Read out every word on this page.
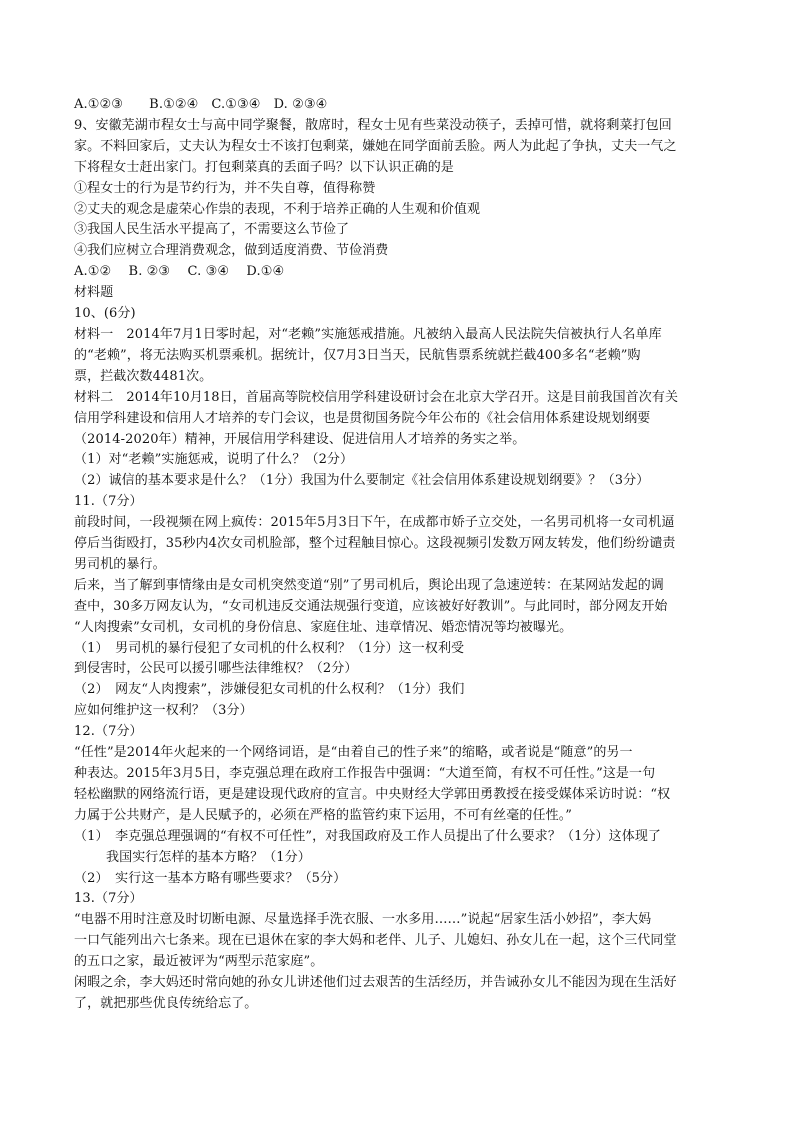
A.①②③　　B.①②④　C.①③④　D. ②③④
9、安徽芜湖市程女士与高中同学聚餐，散席时，程女士见有些菜没动筷子，丢掉可惜，就将剩菜打包回
家。不料回家后，丈夫认为程女士不该打包剩菜，嫌她在同学面前丢脸。两人为此起了争执，丈夫一气之
下将程女士赶出家门。打包剩菜真的丢面子吗？以下认识正确的是
①程女士的行为是节约行为，并不失自尊，值得称赞
②丈夫的观念是虚荣心作祟的表现，不利于培养正确的人生观和价值观
③我国人民生活水平提高了，不需要这么节俭了
④我们应树立合理消费观念，做到适度消费、节俭消费
A.①②　 B. ②③　 C. ③④　 D.①④
材料题
10、(6分)
材料一　2014年7月1日零时起，对“老赖”实施惩戒措施。凡被纳入最高人民法院失信被执行人名单库
的“老赖”，将无法购买机票乘机。据统计，仅7月3日当天，民航售票系统就拦截400多名“老赖”购
票，拦截次数4481次。
材料二　2014年10月18日，首届高等院校信用学科建设研讨会在北京大学召开。这是目前我国首次有关
信用学科建设和信用人才培养的专门会议，也是贯彻国务院今年公布的《社会信用体系建设规划纲要
（2014-2020年）精神，开展信用学科建设、促进信用人才培养的务实之举。
（1）对“老赖”实施惩戒，说明了什么？（2分）
（2）诚信的基本要求是什么？（1分）我国为什么要制定《社会信用体系建设规划纲要》？（3分）
11.（7分）
前段时间，一段视频在网上疯传：2015年5月3日下午，在成都市娇子立交处，一名男司机将一女司机逼
停后当街殴打，35秒内4次女司机脸部，整个过程触目惊心。这段视频引发数万网友转发，他们纷纷谴责
男司机的暴行。
后来，当了解到事情缘由是女司机突然变道“别”了男司机后，舆论出现了急速逆转：在某网站发起的调
查中，30多万网友认为，“女司机违反交通法规强行变道，应该被好好教训”。与此同时，部分网友开始
“人肉搜索”女司机，女司机的身份信息、家庭住址、违章情况、婚恋情况等均被曝光。
（1）　男司机的暴行侵犯了女司机的什么权利？（1分）这一权利受
到侵害时，公民可以援引哪些法律维权？（2分）
（2）　网友“人肉搜索”，涉嫌侵犯女司机的什么权利？（1分）我们
应如何维护这一权利？（3分）
12.（7分）
“任性”是2014年火起来的一个网络词语，是“由着自己的性子来”的缩略，或者说是“随意”的另一
种表达。2015年3月5日，李克强总理在政府工作报告中强调：“大道至简，有权不可任性。”这是一句
轻松幽默的网络流行语，更是建设现代政府的宣言。中央财经大学郭田勇教授在接受媒体采访时说：“权
力属于公共财产，是人民赋予的，必须在严格的监管约束下运用，不可有丝毫的任性。”
（1）　李克强总理强调的“有权不可任性”，对我国政府及工作人员提出了什么要求？（1分）这体现了
我国实行怎样的基本方略？（1分）
（2）　实行这一基本方略有哪些要求？（5分）
13.（7分）
“电器不用时注意及时切断电源、尽量选择手洗衣服、一水多用……”说起“居家生活小妙招”，李大妈
一口气能列出六七条来。现在已退休在家的李大妈和老伴、儿子、儿媳妇、孙女儿在一起，这个三代同堂
的五口之家，最近被评为“两型示范家庭”。
闲暇之余，李大妈还时常向她的孙女儿讲述他们过去艰苦的生活经历，并告诫孙女儿不能因为现在生活好
了，就把那些优良传统给忘了。
